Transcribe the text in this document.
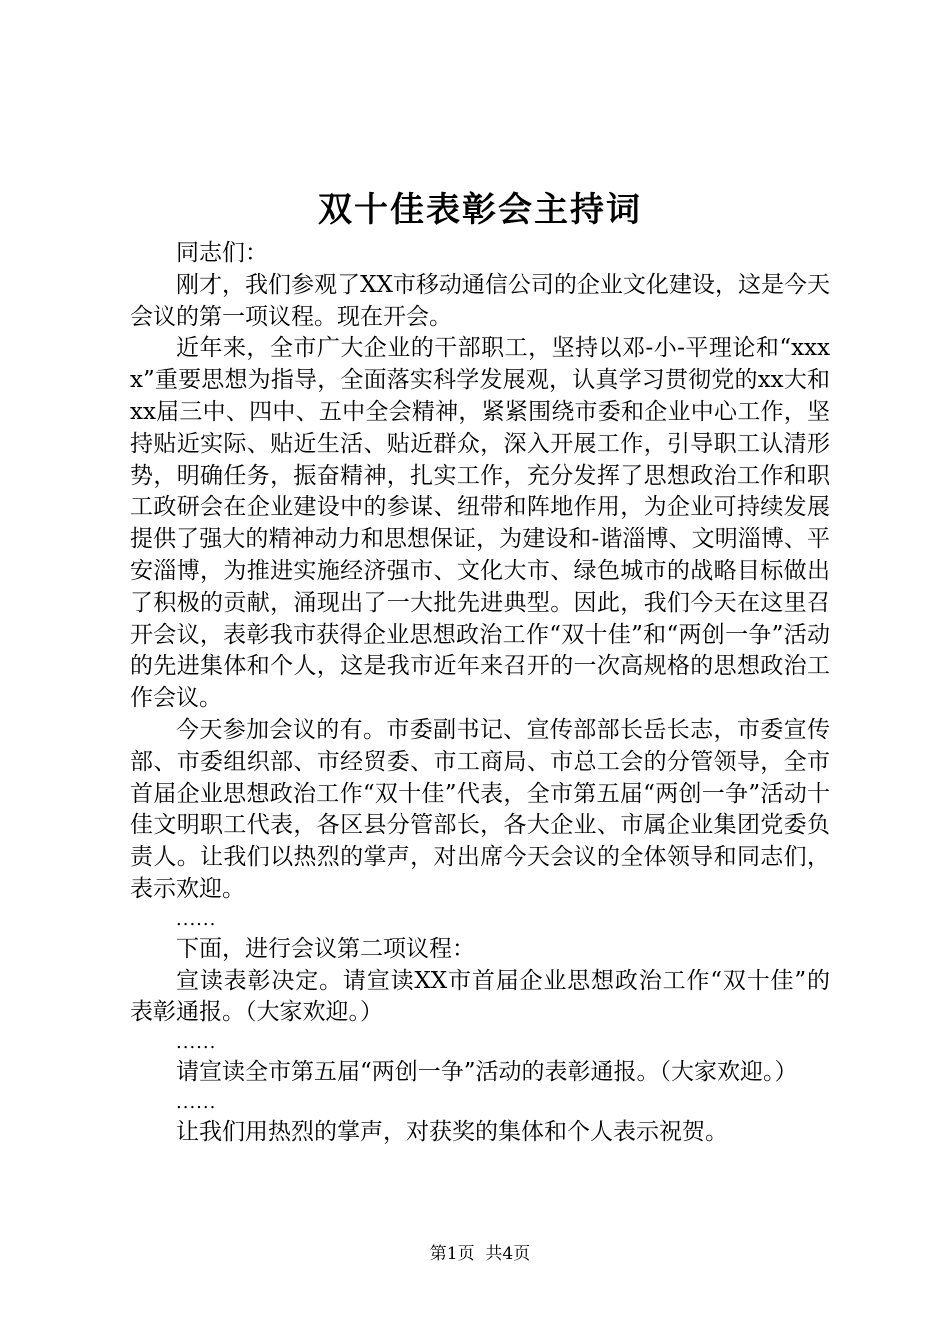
双十佳表彰会主持词

同志们：

刚才，我们参观了XX市移动通信公司的企业文化建设，这是今天会议的第一项议程。现在开会。

近年来，全市广大企业的干部职工，坚持以邓-小-平理论和“xxxx”重要思想为指导，全面落实科学发展观，认真学习贯彻党的xx大和xx届三中、四中、五中全会精神，紧紧围绕市委和企业中心工作，坚持贴近实际、贴近生活、贴近群众，深入开展工作，引导职工认清形势，明确任务，振奋精神，扎实工作，充分发挥了思想政治工作和职工政研会在企业建设中的参谋、纽带和阵地作用，为企业可持续发展提供了强大的精神动力和思想保证，为建设和-谐淄博、文明淄博、平安淄博，为推进实施经济强市、文化大市、绿色城市的战略目标做出了积极的贡献，涌现出了一大批先进典型。因此，我们今天在这里召开会议，表彰我市获得企业思想政治工作“双十佳”和“两创一争”活动的先进集体和个人，这是我市近年来召开的一次高规格的思想政治工作会议。

今天参加会议的有。市委副书记、宣传部部长岳长志，市委宣传部、市委组织部、市经贸委、市工商局、市总工会的分管领导，全市首届企业思想政治工作“双十佳”代表，全市第五届“两创一争”活动十佳文明职工代表，各区县分管部长，各大企业、市属企业集团党委负责人。让我们以热烈的掌声，对出席今天会议的全体领导和同志们，表示欢迎。

......

下面，进行会议第二项议程：

宣读表彰决定。请宣读XX市首届企业思想政治工作“双十佳”的表彰通报。（大家欢迎。）

......

请宣读全市第五届“两创一争”活动的表彰通报。（大家欢迎。）

......

让我们用热烈的掌声，对获奖的集体和个人表示祝贺。

第1页  共4页
